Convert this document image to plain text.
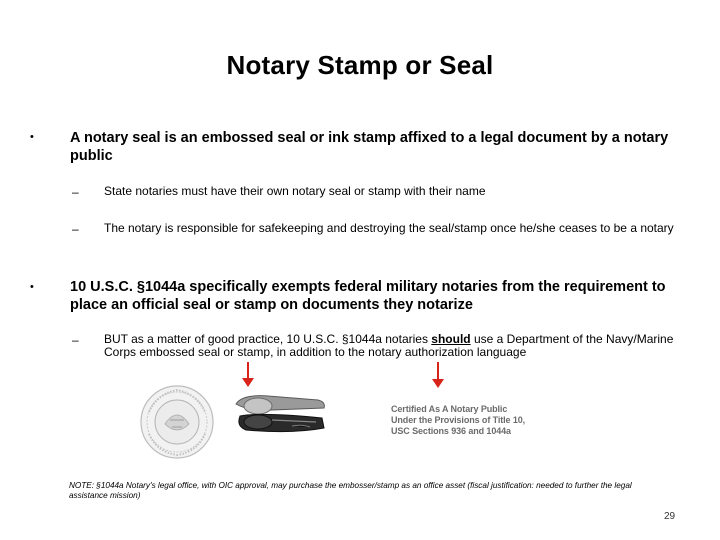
Notary Stamp or Seal
• A notary seal is an embossed seal or ink stamp affixed to a legal document by a notary public
– State notaries must have their own notary seal or stamp with their name
– The notary is responsible for safekeeping and destroying the seal/stamp once he/she ceases to be a notary
• 10 U.S.C. §1044a specifically exempts federal military notaries from the requirement to place an official seal or stamp on documents they notarize
– BUT as a matter of good practice, 10 U.S.C. §1044a notaries should use a Department of the Navy/Marine Corps embossed seal or stamp, in addition to the notary authorization language
Certified As A Notary Public
Under the Provisions of Title 10,
USC Sections 936 and 1044a
NOTE: §1044a Notary's legal office, with OIC approval, may purchase the embosser/stamp as an office asset (fiscal justification: needed to further the legal assistance mission)
29
